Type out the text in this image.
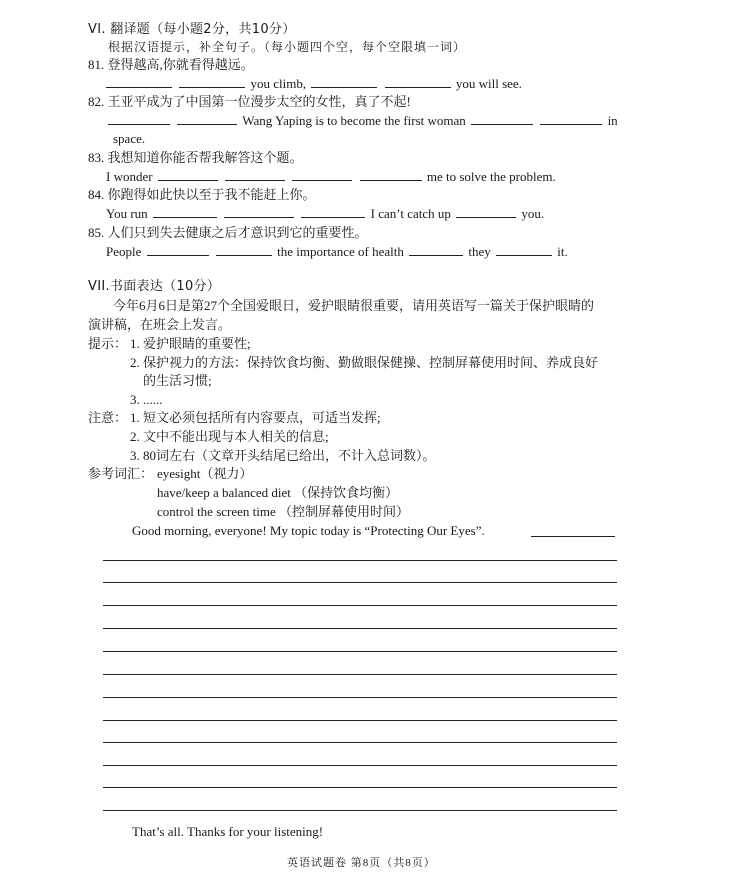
VI. 翻译题（每小题2分，共10分）
根据汉语提示，补全句子。（每小题四个空，每个空限填一词）
81. 登得越高,你就看得越远。
you climb,	you will see.
82. 王亚平成为了中国第一位漫步太空的女性，真了不起!
Wang Yaping is to become the first woman	in
space.
83. 我想知道你能否帮我解答这个题。
I wonder	me to solve the problem.
84. 你跑得如此快以至于我不能赶上你。
You run	I can’t catch up	you.
85. 人们只到失去健康之后才意识到它的重要性。
People	the importance of health	they	it.
VII.书面表达（10分）
今年6月6日是第27个全国爱眼日，爱护眼睛很重要，请用英语写一篇关于保护眼睛的
演讲稿，在班会上发言。
提示： 1. 爱护眼睛的重要性;
2. 保护视力的方法：保持饮食均衡、勤做眼保健操、控制屏幕使用时间、养成良好
的生活习惯;
3. ......
注意： 1. 短文必须包括所有内容要点，可适当发挥;
2. 文中不能出现与本人相关的信息;
3. 80词左右（文章开头结尾已给出，不计入总词数）。
参考词汇： eyesight（视力）
have/keep a balanced diet （保持饮食均衡）
control the screen time （控制屏幕使用时间）
Good morning, everyone! My topic today is “Protecting Our Eyes”.
That’s all. Thanks for your listening!
英语试题卷 第8页（共8页）
